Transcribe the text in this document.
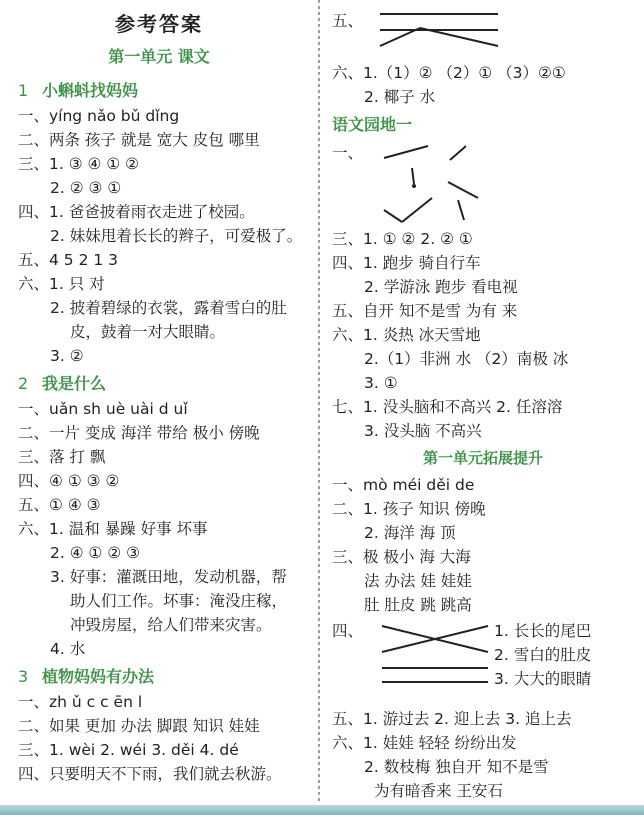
参考答案
第一单元 课文
1 小蝌蚪找妈妈
一、yíng nǎo bǔ dǐng
二、两条 孩子 就是 宽大 皮包 哪里
三、1. ③ ④ ① ②
2. ② ③ ①
四、1. 爸爸披着雨衣走进了校园。
2. 妹妹甩着长长的辫子，可爱极了。
五、4 5 2 1 3
六、1. 只 对
2. 披着碧绿的衣裳，露着雪白的肚
皮，鼓着一对大眼睛。
3. ②
2 我是什么
一、uǎn sh uè uài d uǐ
二、一片 变成 海洋 带给 极小 傍晚
三、落 打 飘
四、④ ① ③ ②
五、① ④ ③
六、1. 温和 暴躁 好事 坏事
2. ④ ① ② ③
3. 好事：灌溉田地，发动机器，帮
助人们工作。坏事：淹没庄稼，
冲毁房屋，给人们带来灾害。
4. 水
3 植物妈妈有办法
一、zh ǔ c c ēn l
二、如果 更加 办法 脚跟 知识 娃娃
三、1. wèi 2. wéi 3. děi 4. dé
四、只要明天不下雨，我们就去秋游。
五、
六、1.（1）② （2）① （3）②①
2. 椰子 水
语文园地一
一、
三、1. ① ② 2. ② ①
四、1. 跑步 骑自行车
2. 学游泳 跑步 看电视
五、自开 知不是雪 为有 来
六、1. 炎热 冰天雪地
2.（1）非洲 水 （2）南极 冰
3. ①
七、1. 没头脑和不高兴 2. 任溶溶
3. 没头脑 不高兴
第一单元拓展提升
一、mò méi děi de
二、1. 孩子 知识 傍晚
2. 海洋 海 顶
三、极 极小 海 大海
法 办法 娃 娃娃
肚 肚皮 跳 跳高
四、	1. 长长的尾巴
2. 雪白的肚皮
3. 大大的眼睛
五、1. 游过去 2. 迎上去 3. 追上去
六、1. 娃娃 轻轻 纷纷出发
2. 数枝梅 独自开 知不是雪
为有暗香来 王安石
